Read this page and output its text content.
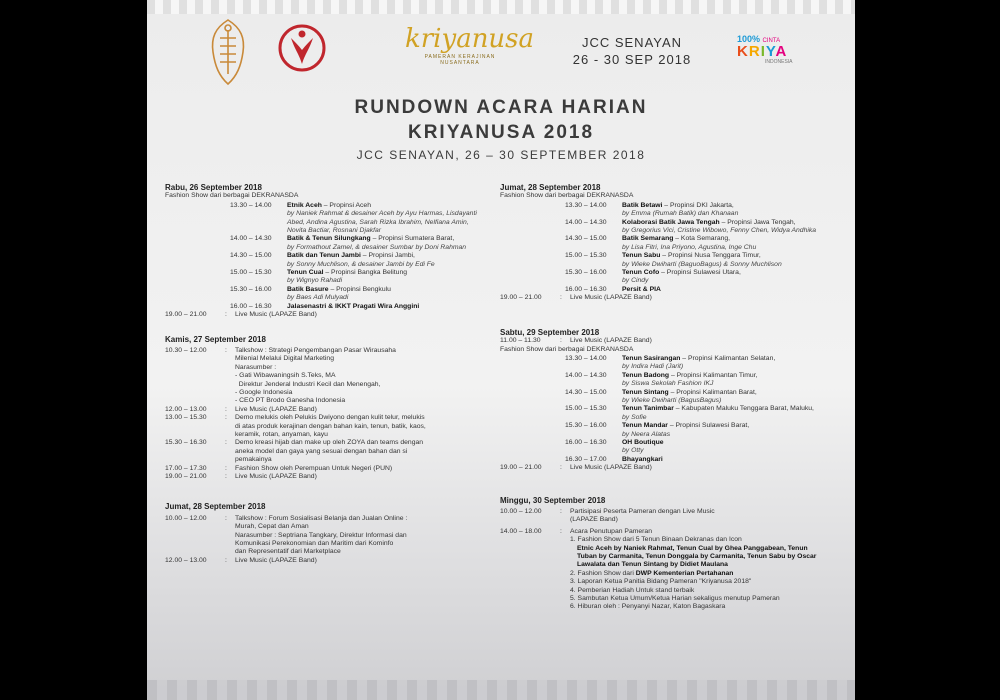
kriyanusa
PAMERAN KERAJINAN NUSANTARA
JCC SENAYAN
26 - 30 SEP 2018
100% CINTA
KRIYA
INDONESIA
RUNDOWN ACARA HARIAN
KRIYANUSA 2018
JCC SENAYAN, 26 – 30 SEPTEMBER 2018
Rabu, 26 September 2018
Fashion Show dari berbagai DEKRANASDA
13.30 – 14.00	Etnik Aceh – Propinsi Aceh
by Naniek Rahmat & desainer Aceh by Ayu Harmas, Lisdayanti Abed, Andina Agustina, Sarah Rizka Ibrahim, Nelfiana Amin, Novita Bactiar, Rosnani Djakfar
14.00 – 14.30	Batik & Tenun Silungkang – Propinsi Sumatera Barat,
by Formathout Zamel, & desainer Sumbar by Doni Rahman
14.30 – 15.00	Batik dan Tenun Jambi – Propinsi Jambi,
by Sonny Muchlison, & desainer Jambi by Edi Fe
15.00 – 15.30	Tenun Cual – Propinsi Bangka Belitung
by Wignyo Rahadi
15.30 – 16.00	Batik Basure – Propinsi Bengkulu
by Baes Adi Mulyadi
16.00 – 16.30	Jalasenastri & IKKT Pragati Wira Anggini
19.00 – 21.00	:	Live Music (LAPAZE Band)
Kamis, 27 September 2018
10.30 – 12.00	:	Talkshow : Strategi Pengembangan Pasar Wirausaha
Milenial Melalui Digital Marketing
Narasumber :
- Gati Wibawaningsih S.Teks, MA
Direktur Jenderal Industri Kecil dan Menengah,
- Google Indonesia
- CEO PT Brodo Ganesha Indonesia
12.00 – 13.00	:	Live Music (LAPAZE Band)
13.00 – 15.30	:	Demo melukis oleh Pelukis Dwiyono dengan kulit telur, melukis
di atas produk kerajinan dengan bahan kain, tenun, batik, kaos,
keramik, rotan, anyaman, kayu
15.30 – 16.30	:	Demo kreasi hijab dan make up oleh ZOYA dan teams dengan
aneka model dan gaya yang sesuai dengan bahan dan si
pemakainya
17.00 – 17.30	:	Fashion Show oleh Perempuan Untuk Negeri (PUN)
19.00 – 21.00	:	Live Music (LAPAZE Band)
Jumat, 28 September 2018
10.00 – 12.00	:	Talkshow : Forum Sosialisasi Belanja dan Jualan Online :
Murah, Cepat dan Aman
Narasumber : Septriana Tangkary, Direktur Informasi dan
Komunikasi Perekonomian dan Maritim dari Kominfo
dan Representatif dari Marketplace
12.00 – 13.00	:	Live Music (LAPAZE Band)
Jumat, 28 September 2018
Fashion Show dari berbagai DEKRANASDA
13.30 – 14.00	Batik Betawi – Propinsi DKI Jakarta,
by Emma (Rumah Batik) dan Khanaan
14.00 – 14.30	Kolaborasi Batik Jawa Tengah – Propinsi Jawa Tengah,
by Gregorius Vici, Cristine Wibowo, Fenny Chen, Widya Andhika
14.30 – 15.00	Batik Semarang – Kota Semarang,
by Lisa Fitri, Ina Priyono, Agustina, Inge Chu
15.00 – 15.30	Tenun Sabu – Propinsi Nusa Tenggara Timur,
by Wieke Dwiharti (BaguoBagus) & Sonny Muchlison
15.30 – 16.00	Tenun Cofo – Propinsi Sulawesi Utara,
by Cindy
16.00 – 16.30	Persit & PIA
19.00 – 21.00	:	Live Music (LAPAZE Band)
Sabtu, 29 September 2018
11.00 – 11.30	:	Live Music (LAPAZE Band)
Fashion Show dari berbagai DEKRANASDA
13.30 – 14.00	Tenun Sasirangan – Propinsi Kalimantan Selatan,
by Indira Hadi (Jarit)
14.00 – 14.30	Tenun Badong – Propinsi Kalimantan Timur,
by Siswa Sekolah Fashion IKJ
14.30 – 15.00	Tenun Sintang – Propinsi Kalimantan Barat,
by Wieke Dwiharti (BagusBagus)
15.00 – 15.30	Tenun Tanimbar – Kabupaten Maluku Tenggara Barat, Maluku,
by Sofie
15.30 – 16.00	Tenun Mandar – Propinsi Sulawesi Barat,
by Neera Alatas
16.00 – 16.30	OH Boutique
by Otty
16.30 – 17.00	Bhayangkari
19.00 – 21.00	:	Live Music (LAPAZE Band)
Minggu, 30 September 2018
10.00 – 12.00	:	Partisipasi Peserta Pameran dengan Live Music
(LAPAZE Band)
14.00 – 18.00	:	Acara Penutupan Pameran
1. Fashion Show dari 5 Tenun Binaan Dekranas dan Icon
Etnic Aceh by Naniek Rahmat, Tenun Cual by Ghea Panggabean, Tenun
Tuban by Carmanita, Tenun Donggala by Carmanita, Tenun Sabu by Oscar
Lawalata dan Tenun Sintang by Didiet Maulana
2. Fashion Show dari DWP Kementerian Pertahanan
3. Laporan Ketua Panitia Bidang Pameran "Kriyanusa 2018"
4. Pemberian Hadiah Untuk stand terbaik
5. Sambutan Ketua Umum/Ketua Harian sekaligus menutup Pameran
6. Hiburan oleh : Penyanyi Nazar, Katon Bagaskara
